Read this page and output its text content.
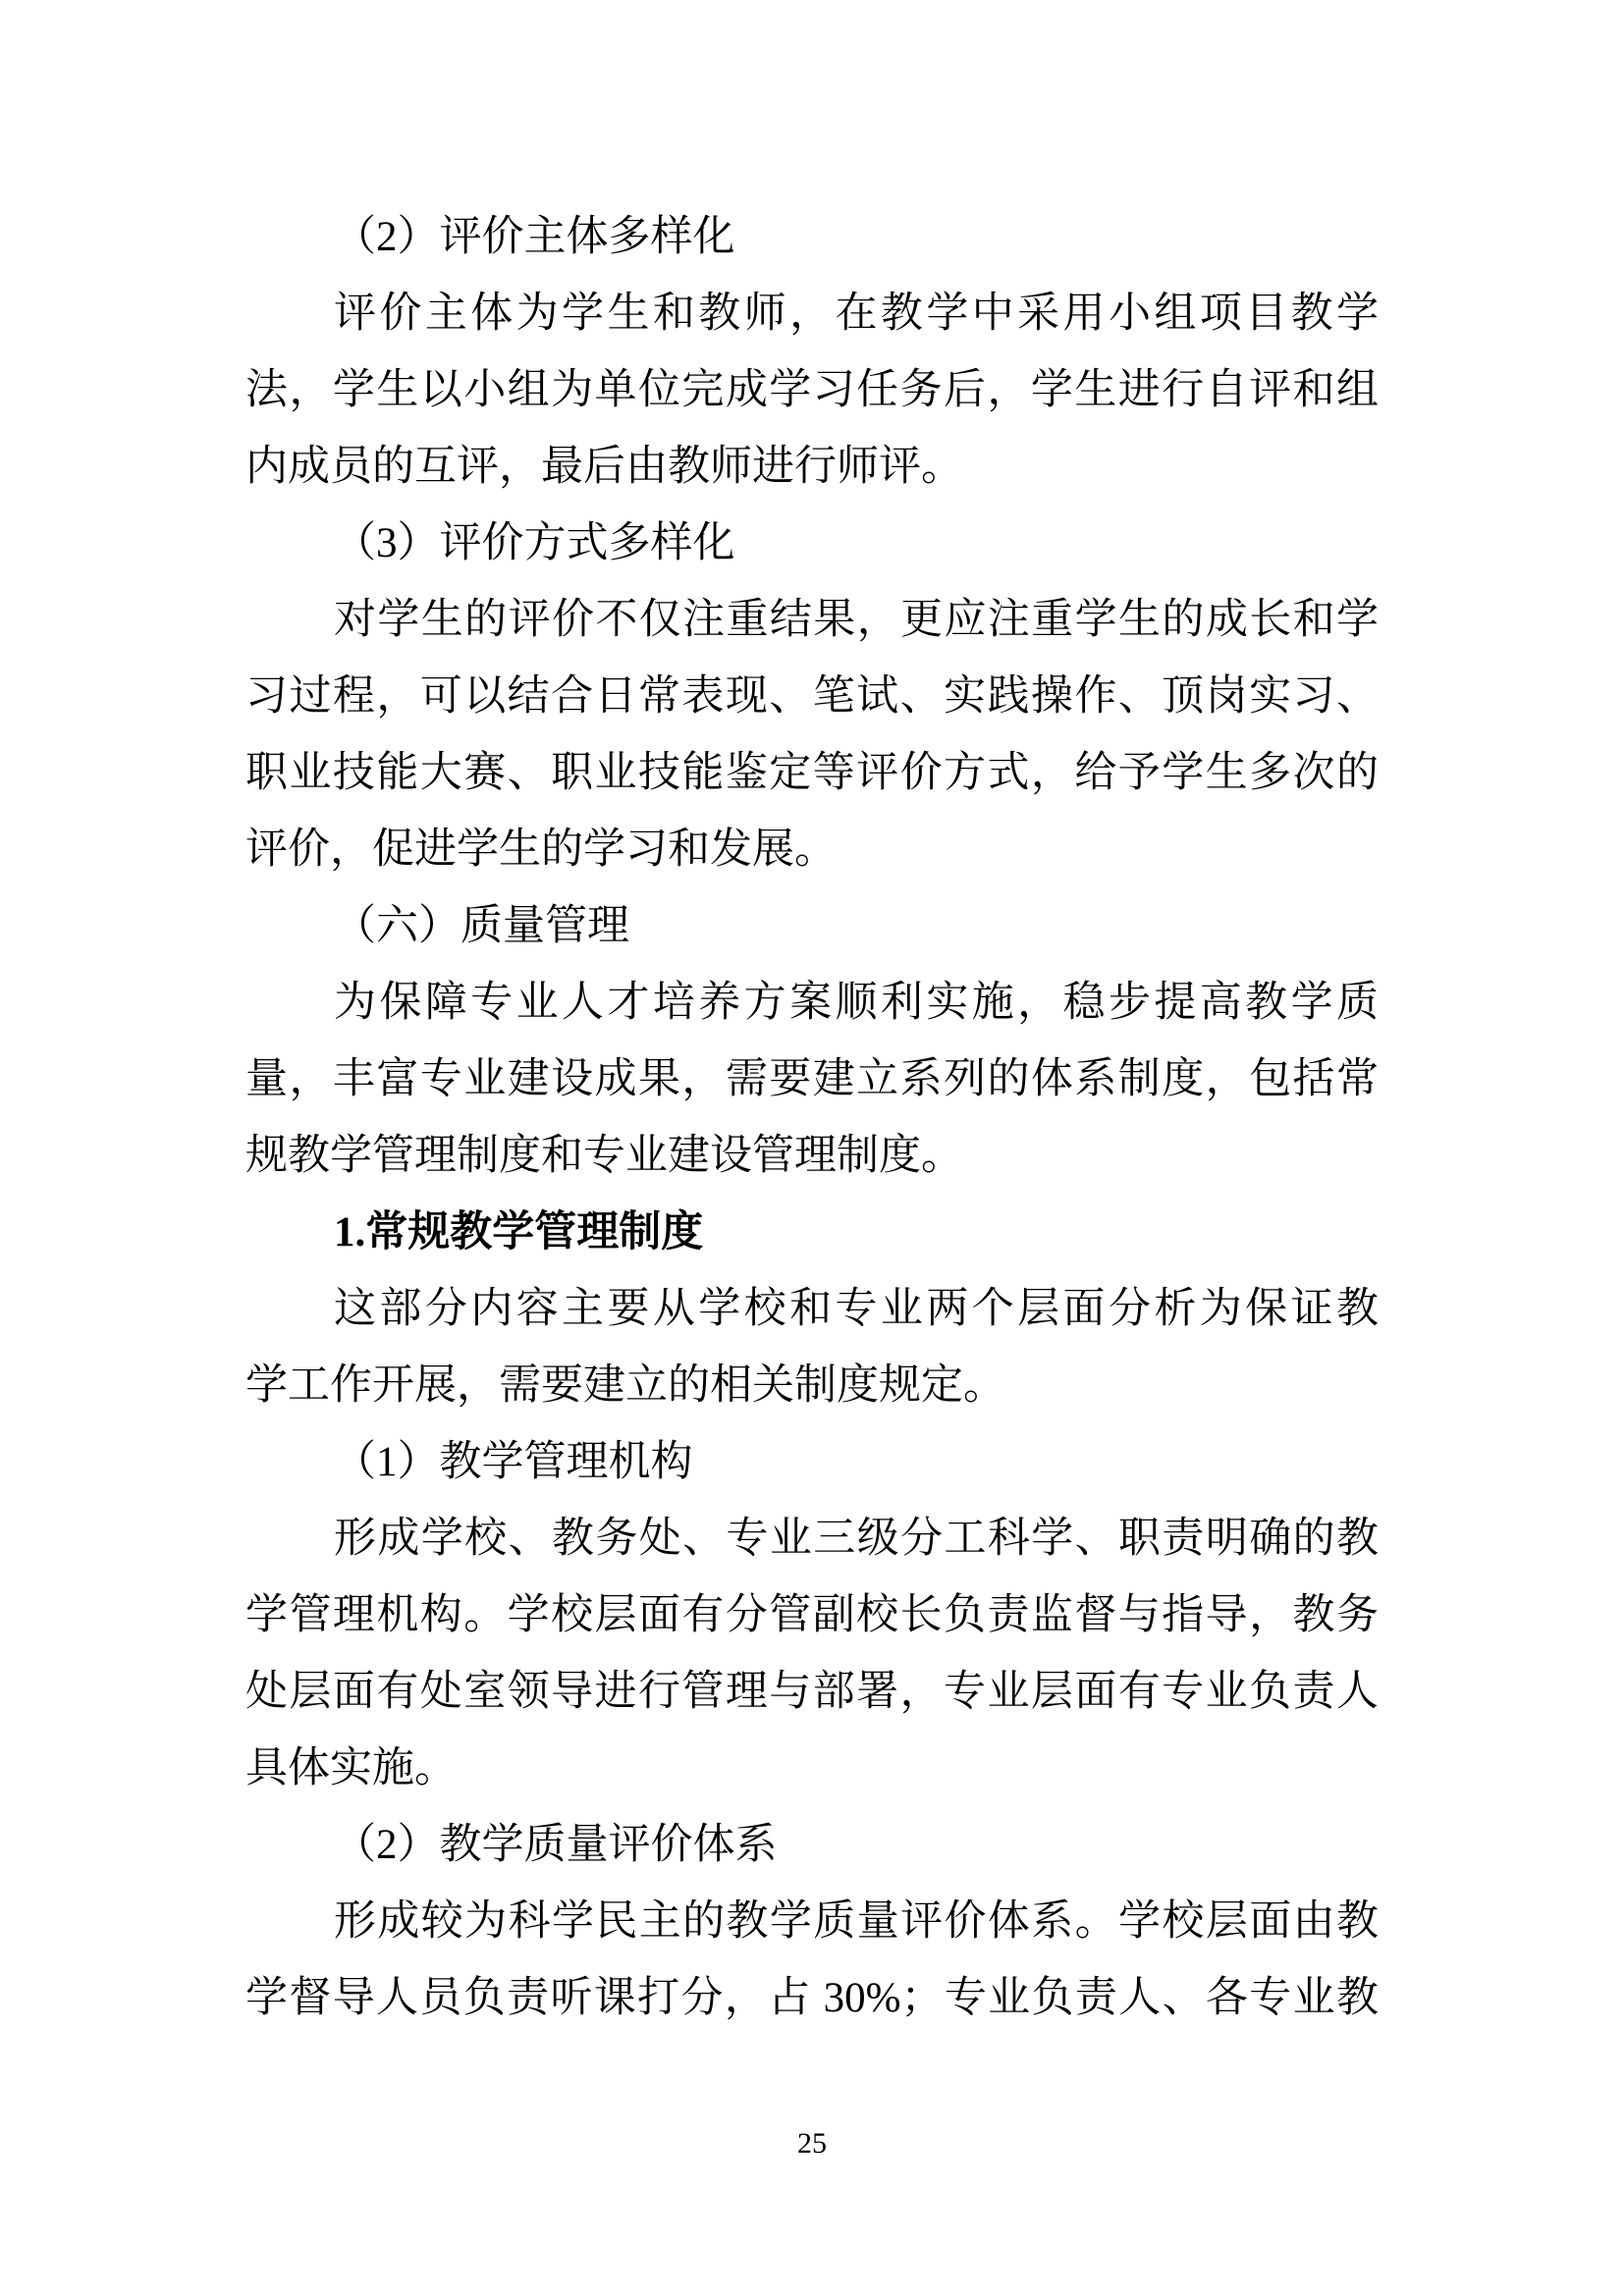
（2）评价主体多样化
评价主体为学生和教师，在教学中采用小组项目教学
法，学生以小组为单位完成学习任务后，学生进行自评和组
内成员的互评，最后由教师进行师评。
（3）评价方式多样化
对学生的评价不仅注重结果，更应注重学生的成长和学
习过程，可以结合日常表现、笔试、实践操作、顶岗实习、
职业技能大赛、职业技能鉴定等评价方式，给予学生多次的
评价，促进学生的学习和发展。
（六）质量管理
为保障专业人才培养方案顺利实施，稳步提高教学质
量，丰富专业建设成果，需要建立系列的体系制度，包括常
规教学管理制度和专业建设管理制度。
1.常规教学管理制度
这部分内容主要从学校和专业两个层面分析为保证教
学工作开展，需要建立的相关制度规定。
（1）教学管理机构
形成学校、教务处、专业三级分工科学、职责明确的教
学管理机构。学校层面有分管副校长负责监督与指导，教务
处层面有处室领导进行管理与部署，专业层面有专业负责人
具体实施。
（2）教学质量评价体系
形成较为科学民主的教学质量评价体系。学校层面由教
学督导人员负责听课打分，占 30%；专业负责人、各专业教
25
